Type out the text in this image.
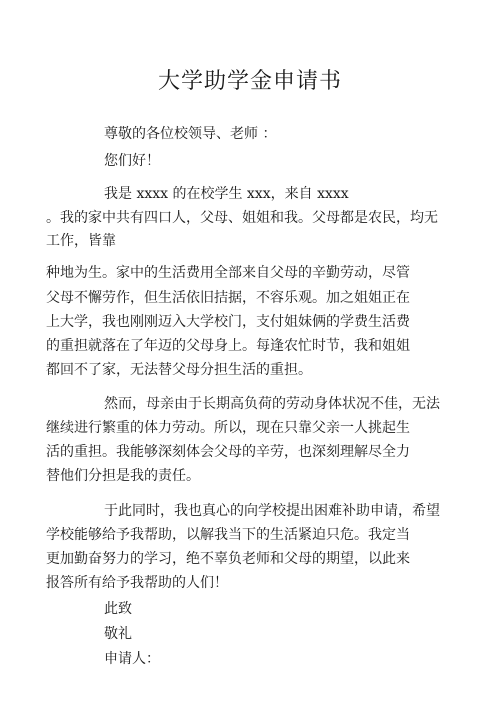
大学助学金申请书
尊敬的各位校领导、老师 ：
您们好！
我是 xxxx 的在校学生 xxx，来自 xxxx
。我的家中共有四口人，父母、姐姐和我。父母都是农民，均无
工作，皆靠
种地为生。家中的生活费用全部来自父母的辛勤劳动，尽管
父母不懈劳作，但生活依旧拮据，不容乐观。加之姐姐正在
上大学，我也刚刚迈入大学校门，支付姐妹俩的学费生活费
的重担就落在了年迈的父母身上。每逢农忙时节，我和姐姐
都回不了家，无法替父母分担生活的重担。
然而，母亲由于长期高负荷的劳动身体状况不佳，无法
继续进行繁重的体力劳动。所以，现在只靠父亲一人挑起生
活的重担。我能够深刻体会父母的辛劳，也深刻理解尽全力
替他们分担是我的责任。
于此同时，我也真心的向学校提出困难补助申请，希望
学校能够给予我帮助，以解我当下的生活紧迫只危。我定当
更加勤奋努力的学习，绝不辜负老师和父母的期望，以此来
报答所有给予我帮助的人们！
此致
敬礼
申请人：
